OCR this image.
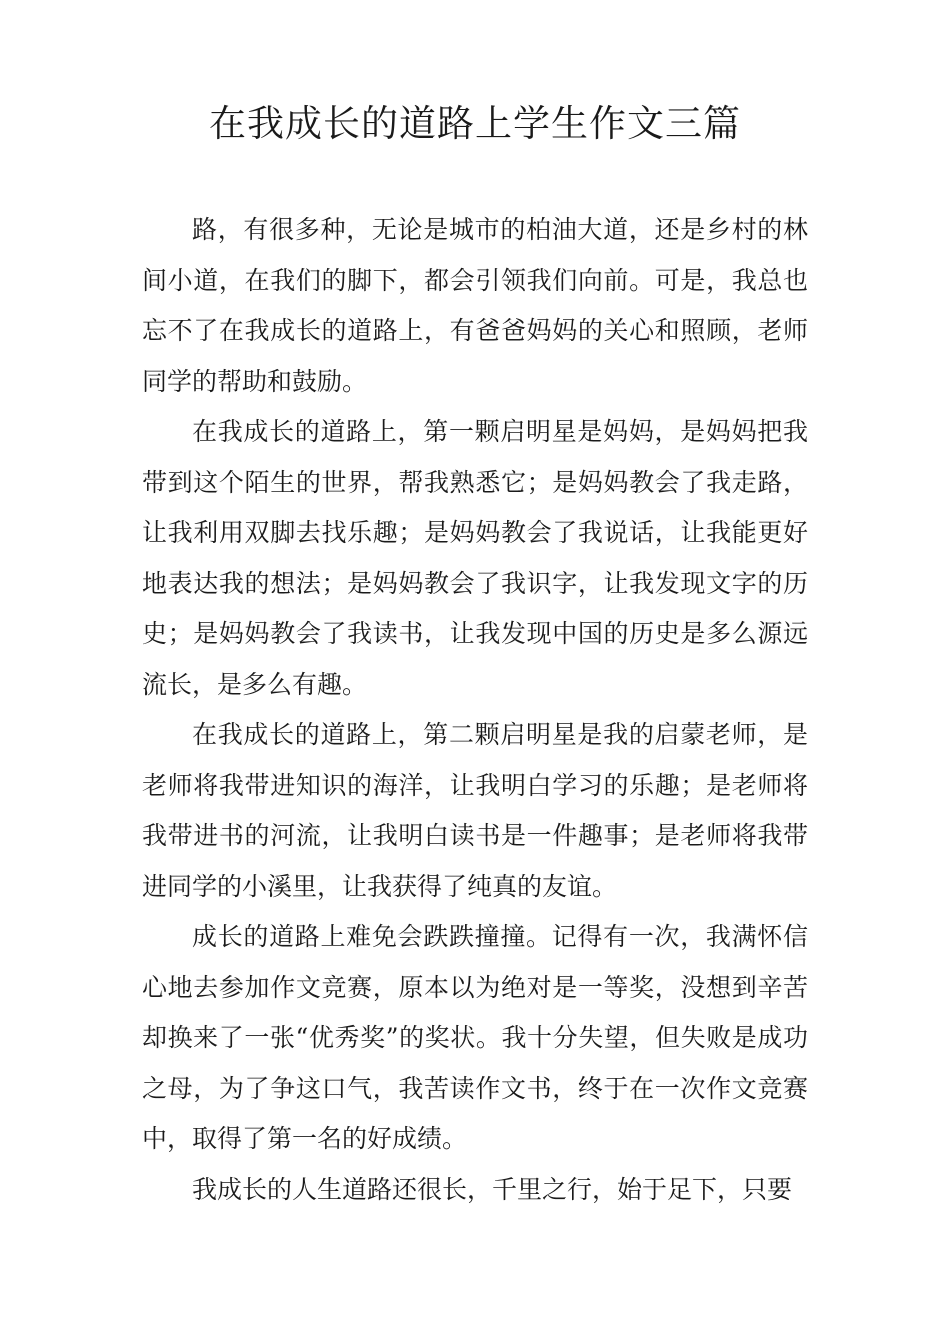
在我成长的道路上学生作文三篇

路，有很多种，无论是城市的柏油大道，还是乡村的林间小道，在我们的脚下，都会引领我们向前。可是，我总也忘不了在我成长的道路上，有爸爸妈妈的关心和照顾，老师同学的帮助和鼓励。

在我成长的道路上，第一颗启明星是妈妈，是妈妈把我带到这个陌生的世界，帮我熟悉它；是妈妈教会了我走路，让我利用双脚去找乐趣；是妈妈教会了我说话，让我能更好地表达我的想法；是妈妈教会了我识字，让我发现文字的历史；是妈妈教会了我读书，让我发现中国的历史是多么源远流长，是多么有趣。

在我成长的道路上，第二颗启明星是我的启蒙老师，是老师将我带进知识的海洋，让我明白学习的乐趣；是老师将我带进书的河流，让我明白读书是一件趣事；是老师将我带进同学的小溪里，让我获得了纯真的友谊。

成长的道路上难免会跌跌撞撞。记得有一次，我满怀信心地去参加作文竞赛，原本以为绝对是一等奖，没想到辛苦却换来了一张“优秀奖”的奖状。我十分失望，但失败是成功之母，为了争这口气，我苦读作文书，终于在一次作文竞赛中，取得了第一名的好成绩。

我成长的人生道路还很长，千里之行，始于足下，只要
